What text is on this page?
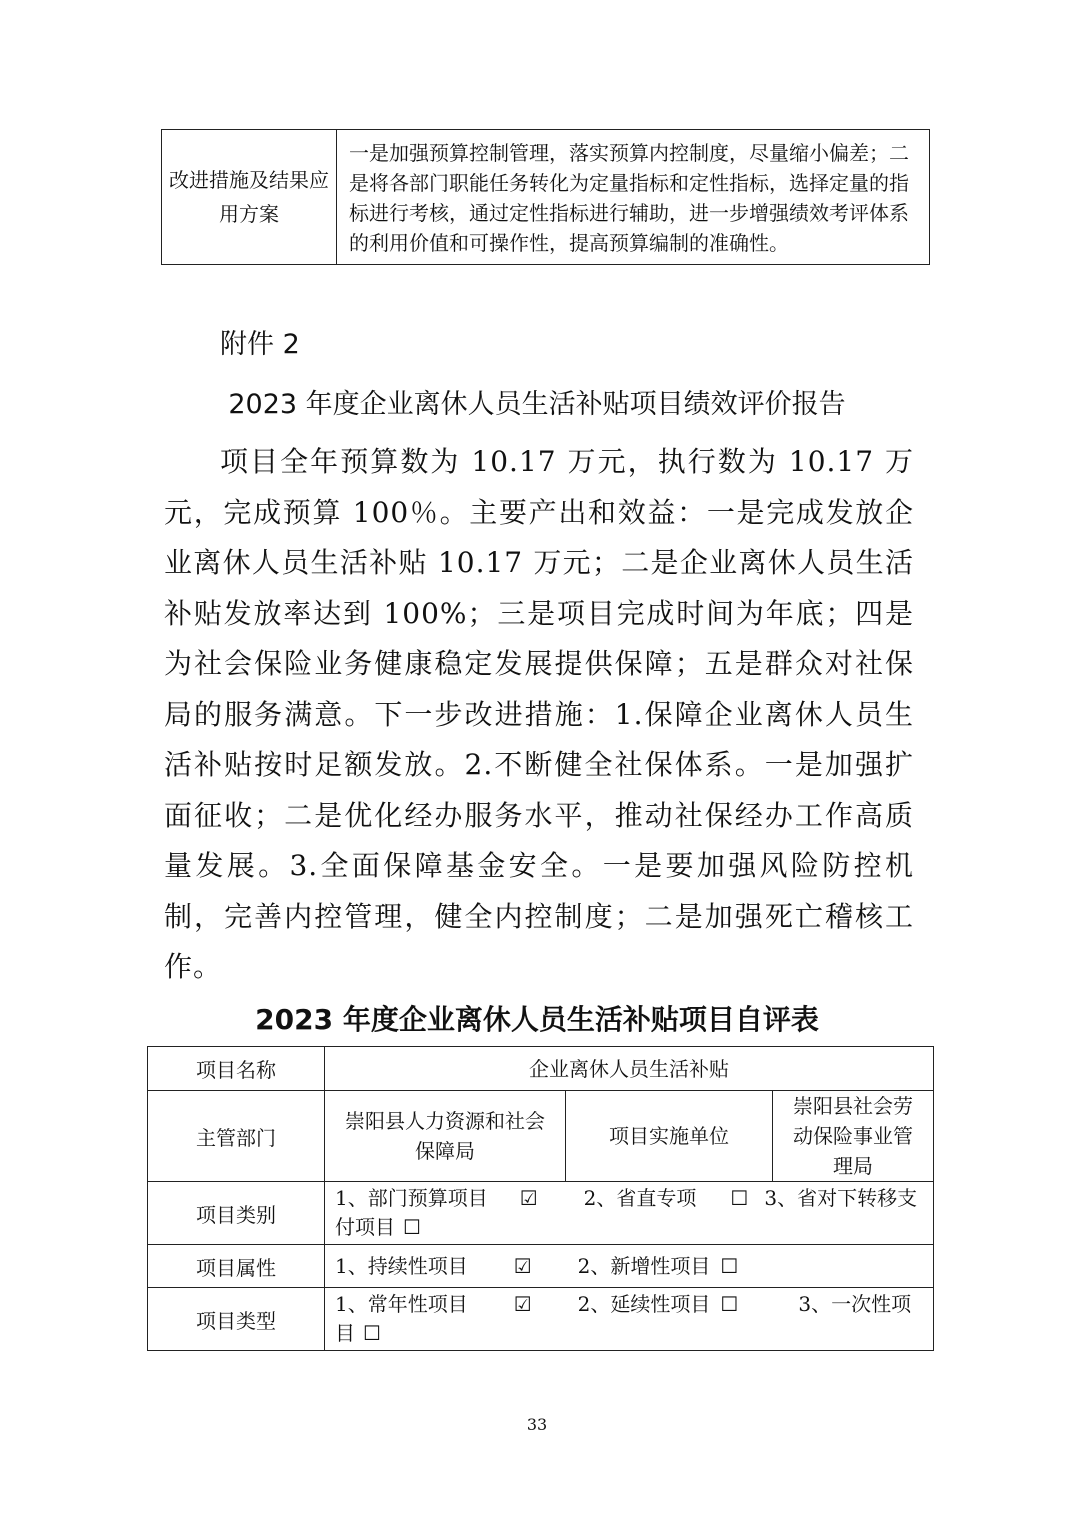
改进措施及结果应用方案	一是加强预算控制管理，落实预算内控制度，尽量缩小偏差；二是将各部门职能任务转化为定量指标和定性指标，选择定量的指标进行考核，通过定性指标进行辅助，进一步增强绩效考评体系的利用价值和可操作性，提高预算编制的准确性。
附件 2
2023 年度企业离休人员生活补贴项目绩效评价报告
项目全年预算数为 10.17 万元，执行数为 10.17 万元，完成预算 100％。主要产出和效益：一是完成发放企业离休人员生活补贴 10.17 万元；二是企业离休人员生活补贴发放率达到 100%；三是项目完成时间为年底；四是为社会保险业务健康稳定发展提供保障；五是群众对社保局的服务满意。下一步改进措施：1.保障企业离休人员生活补贴按时足额发放。2.不断健全社保体系。一是加强扩面征收；二是优化经办服务水平，推动社保经办工作高质量发展。3.全面保障基金安全。一是要加强风险防控机制，完善内控管理，健全内控制度；二是加强死亡稽核工作。
2023 年度企业离休人员生活补贴项目自评表
项目名称	企业离休人员生活补贴		
主管部门	崇阳县人力资源和社会保障局	项目实施单位	崇阳县社会劳动保险事业管理局
项目类别	1、部门预算项目 ☑ 2、省直专项 ☐ 3、省对下转移支付项目 ☐		
项目属性	1、持续性项目 ☑ 2、新增性项目 ☐		
项目类型	1、常年性项目 ☑ 2、延续性项目 ☐ 3、一次性项目 ☐		
33
